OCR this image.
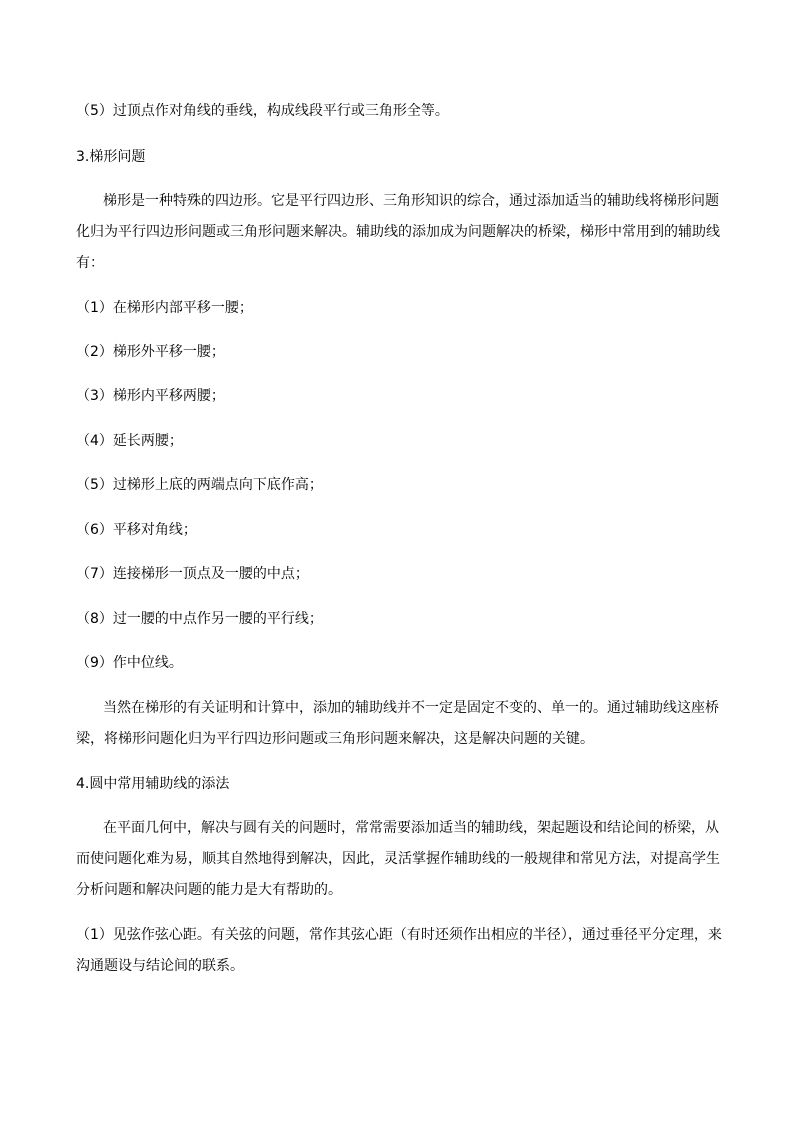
（5）过顶点作对角线的垂线，构成线段平行或三角形全等。
3.梯形问题
梯形是一种特殊的四边形。它是平行四边形、三角形知识的综合，通过添加适当的辅助线将梯形问题
化归为平行四边形问题或三角形问题来解决。辅助线的添加成为问题解决的桥梁，梯形中常用到的辅助线
有：
（1）在梯形内部平移一腰；
（2）梯形外平移一腰；
（3）梯形内平移两腰；
（4）延长两腰；
（5）过梯形上底的两端点向下底作高；
（6）平移对角线；
（7）连接梯形一顶点及一腰的中点；
（8）过一腰的中点作另一腰的平行线；
（9）作中位线。
当然在梯形的有关证明和计算中，添加的辅助线并不一定是固定不变的、单一的。通过辅助线这座桥
梁，将梯形问题化归为平行四边形问题或三角形问题来解决，这是解决问题的关键。
4.圆中常用辅助线的添法
在平面几何中，解决与圆有关的问题时，常常需要添加适当的辅助线，架起题设和结论间的桥梁，从
而使问题化难为易，顺其自然地得到解决，因此，灵活掌握作辅助线的一般规律和常见方法，对提高学生
分析问题和解决问题的能力是大有帮助的。
（1）见弦作弦心距。有关弦的问题，常作其弦心距（有时还须作出相应的半径），通过垂径平分定理，来
沟通题设与结论间的联系。
